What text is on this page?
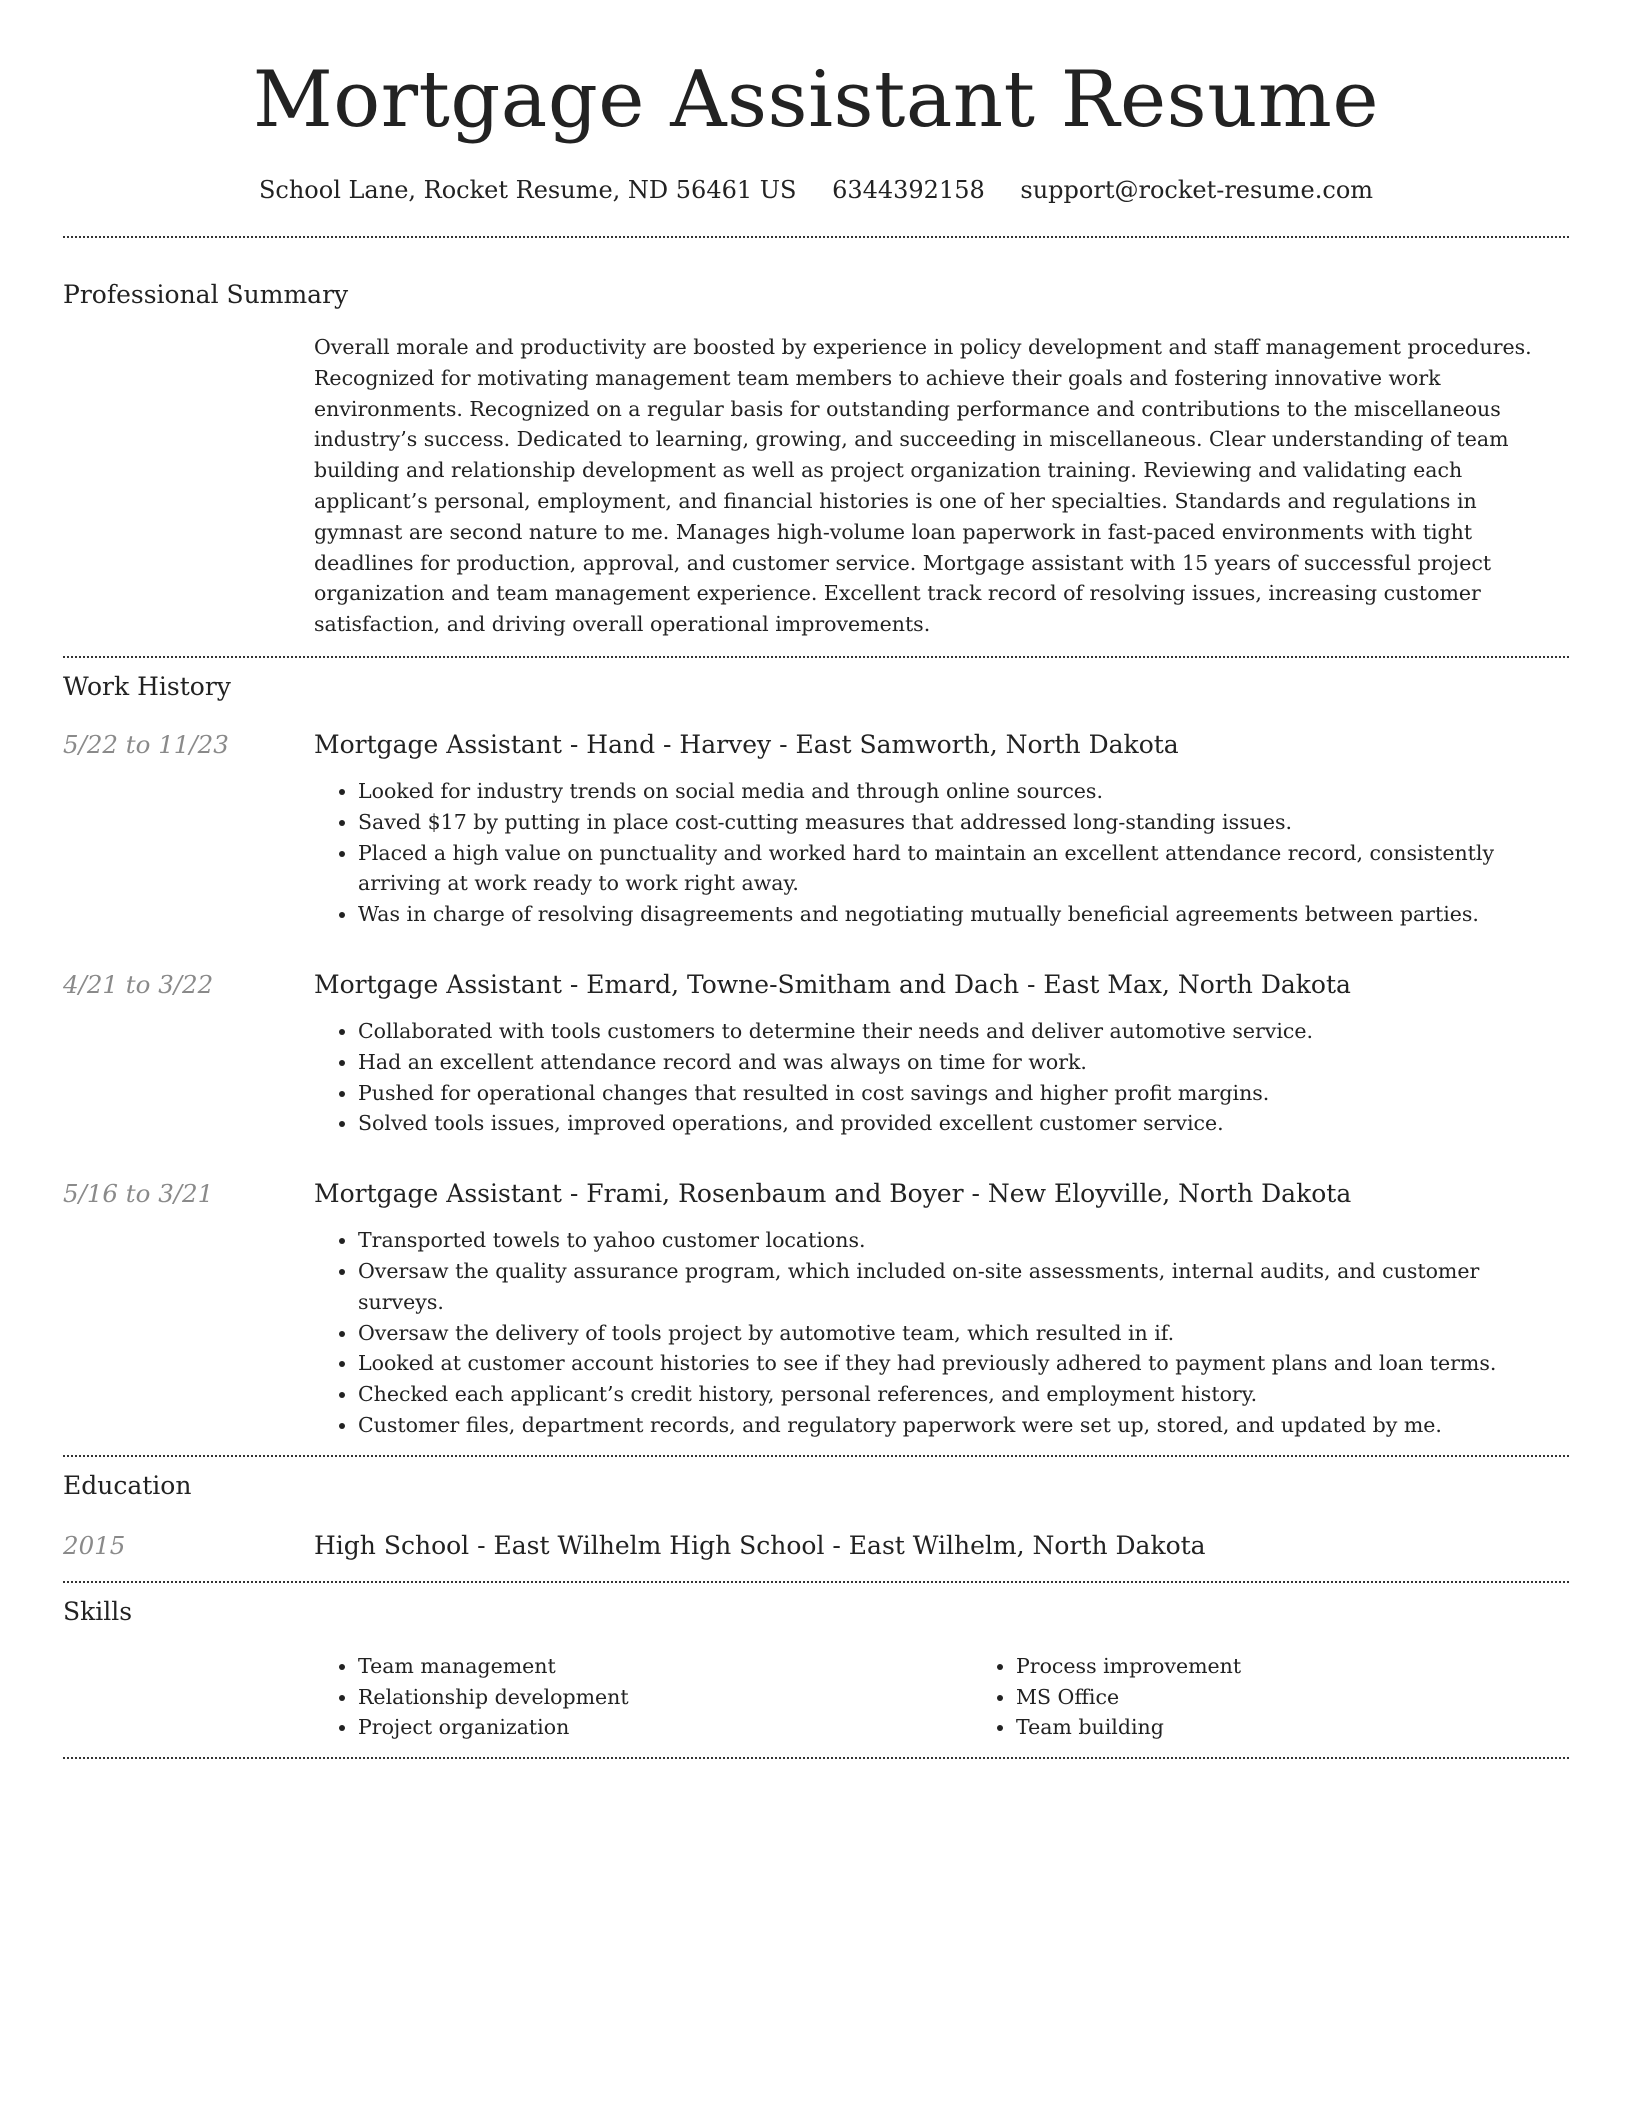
Mortgage Assistant Resume
School Lane, Rocket Resume, ND 56461 US 6344392158 support@rocket-resume.com
Professional Summary

Overall morale and productivity are boosted by experience in policy development and staff management procedures. Recognized for motivating management team members to achieve their goals and fostering innovative work environments. Recognized on a regular basis for outstanding performance and contributions to the miscellaneous industry’s success. Dedicated to learning, growing, and succeeding in miscellaneous. Clear understanding of team building and relationship development as well as project organization training. Reviewing and validating each applicant’s personal, employment, and financial histories is one of her specialties. Standards and regulations in gymnast are second nature to me. Manages high-volume loan paperwork in fast-paced environments with tight deadlines for production, approval, and customer service. Mortgage assistant with 15 years of successful project organization and team management experience. Excellent track record of resolving issues, increasing customer satisfaction, and driving overall operational improvements.

Work History
5/22 to 11/23	Mortgage Assistant - Hand - Harvey - East Samworth, North Dakota
• Looked for industry trends on social media and through online sources.
• Saved $17 by putting in place cost-cutting measures that addressed long-standing issues.
• Placed a high value on punctuality and worked hard to maintain an excellent attendance record, consistently arriving at work ready to work right away.
• Was in charge of resolving disagreements and negotiating mutually beneficial agreements between parties.
4/21 to 3/22	Mortgage Assistant - Emard, Towne-Smitham and Dach - East Max, North Dakota
• Collaborated with tools customers to determine their needs and deliver automotive service.
• Had an excellent attendance record and was always on time for work.
• Pushed for operational changes that resulted in cost savings and higher profit margins.
• Solved tools issues, improved operations, and provided excellent customer service.
5/16 to 3/21	Mortgage Assistant - Frami, Rosenbaum and Boyer - New Eloyville, North Dakota
• Transported towels to yahoo customer locations.
• Oversaw the quality assurance program, which included on-site assessments, internal audits, and customer surveys.
• Oversaw the delivery of tools project by automotive team, which resulted in if.
• Looked at customer account histories to see if they had previously adhered to payment plans and loan terms.
• Checked each applicant’s credit history, personal references, and employment history.
• Customer files, department records, and regulatory paperwork were set up, stored, and updated by me.
Education
2015	High School - East Wilhelm High School - East Wilhelm, North Dakota
Skills
• Team management
• Relationship development
• Project organization
• Process improvement
• MS Office
• Team building
